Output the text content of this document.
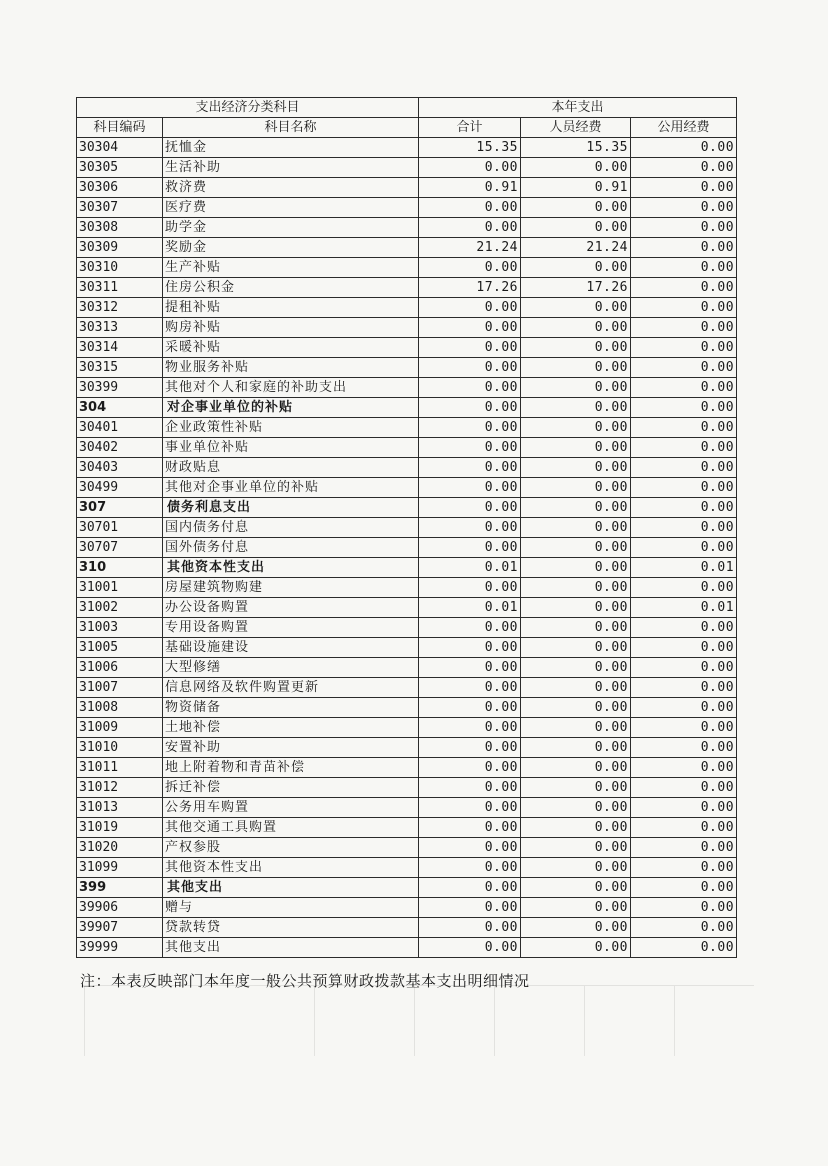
支出经济分类科目		本年支出		
科目编码	科目名称	合计	人员经费	公用经费
30304	抚恤金	15.35	15.35	0.00
30305	生活补助	0.00	0.00	0.00
30306	救济费	0.91	0.91	0.00
30307	医疗费	0.00	0.00	0.00
30308	助学金	0.00	0.00	0.00
30309	奖励金	21.24	21.24	0.00
30310	生产补贴	0.00	0.00	0.00
30311	住房公积金	17.26	17.26	0.00
30312	提租补贴	0.00	0.00	0.00
30313	购房补贴	0.00	0.00	0.00
30314	采暖补贴	0.00	0.00	0.00
30315	物业服务补贴	0.00	0.00	0.00
30399	其他对个人和家庭的补助支出	0.00	0.00	0.00
304	对企事业单位的补贴	0.00	0.00	0.00
30401	企业政策性补贴	0.00	0.00	0.00
30402	事业单位补贴	0.00	0.00	0.00
30403	财政贴息	0.00	0.00	0.00
30499	其他对企事业单位的补贴	0.00	0.00	0.00
307	债务利息支出	0.00	0.00	0.00
30701	国内债务付息	0.00	0.00	0.00
30707	国外债务付息	0.00	0.00	0.00
310	其他资本性支出	0.01	0.00	0.01
31001	房屋建筑物购建	0.00	0.00	0.00
31002	办公设备购置	0.01	0.00	0.01
31003	专用设备购置	0.00	0.00	0.00
31005	基础设施建设	0.00	0.00	0.00
31006	大型修缮	0.00	0.00	0.00
31007	信息网络及软件购置更新	0.00	0.00	0.00
31008	物资储备	0.00	0.00	0.00
31009	土地补偿	0.00	0.00	0.00
31010	安置补助	0.00	0.00	0.00
31011	地上附着物和青苗补偿	0.00	0.00	0.00
31012	拆迁补偿	0.00	0.00	0.00
31013	公务用车购置	0.00	0.00	0.00
31019	其他交通工具购置	0.00	0.00	0.00
31020	产权参股	0.00	0.00	0.00
31099	其他资本性支出	0.00	0.00	0.00
399	其他支出	0.00	0.00	0.00
39906	赠与	0.00	0.00	0.00
39907	贷款转贷	0.00	0.00	0.00
39999	其他支出	0.00	0.00	0.00
注：本表反映部门本年度一般公共预算财政拨款基本支出明细情况
